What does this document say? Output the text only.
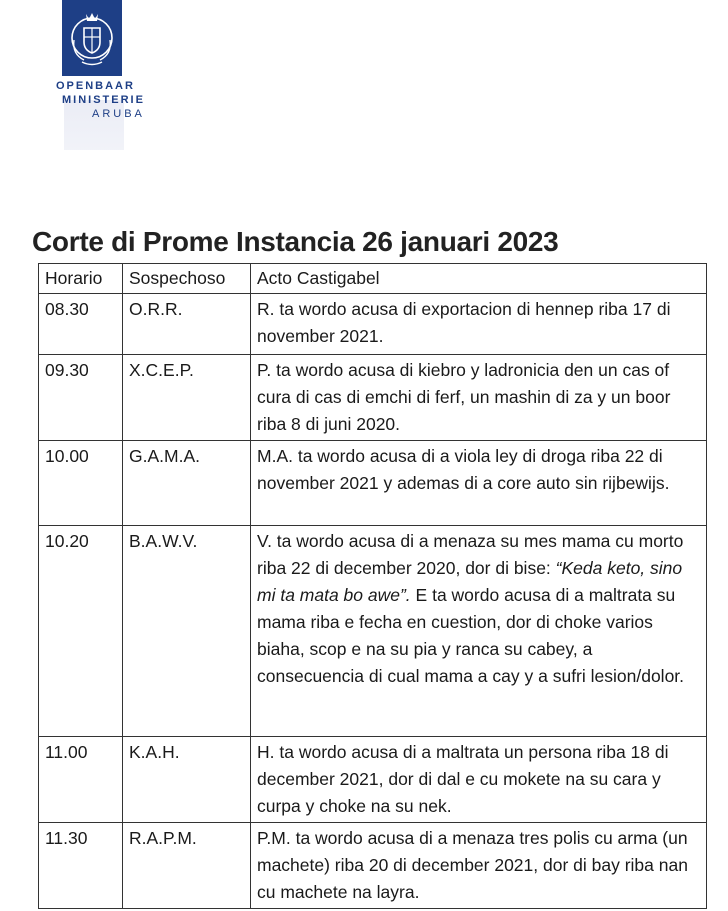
OPENBAAR
MINISTERIE
ARUBA
Corte di Prome Instancia 26 januari 2023
Horario	Sospechoso	Acto Castigabel
08.30	O.R.R.	R. ta wordo acusa di exportacion di hennep riba 17 di november 2021.
09.30	X.C.E.P.	P. ta wordo acusa di kiebro y ladronicia den un cas of cura di cas di emchi di ferf, un mashin di za y un boor riba 8 di juni 2020.
10.00	G.A.M.A.	M.A. ta wordo acusa di a viola ley di droga riba 22 di november 2021 y ademas di a core auto sin rijbewijs.
10.20	B.A.W.V.	V. ta wordo acusa di a menaza su mes mama cu morto riba 22 di december 2020, dor di bise: “Keda keto, sino mi ta mata bo awe”. E ta wordo acusa di a maltrata su mama riba e fecha en cuestion, dor di choke varios biaha, scop e na su pia y ranca su cabey, a consecuencia di cual mama a cay y a sufri lesion/dolor.
11.00	K.A.H.	H. ta wordo acusa di a maltrata un persona riba 18 di december 2021, dor di dal e cu mokete na su cara y curpa y choke na su nek.
11.30	R.A.P.M.	P.M. ta wordo acusa di a menaza tres polis cu arma (un machete) riba 20 di december 2021, dor di bay riba nan cu machete na layra.
